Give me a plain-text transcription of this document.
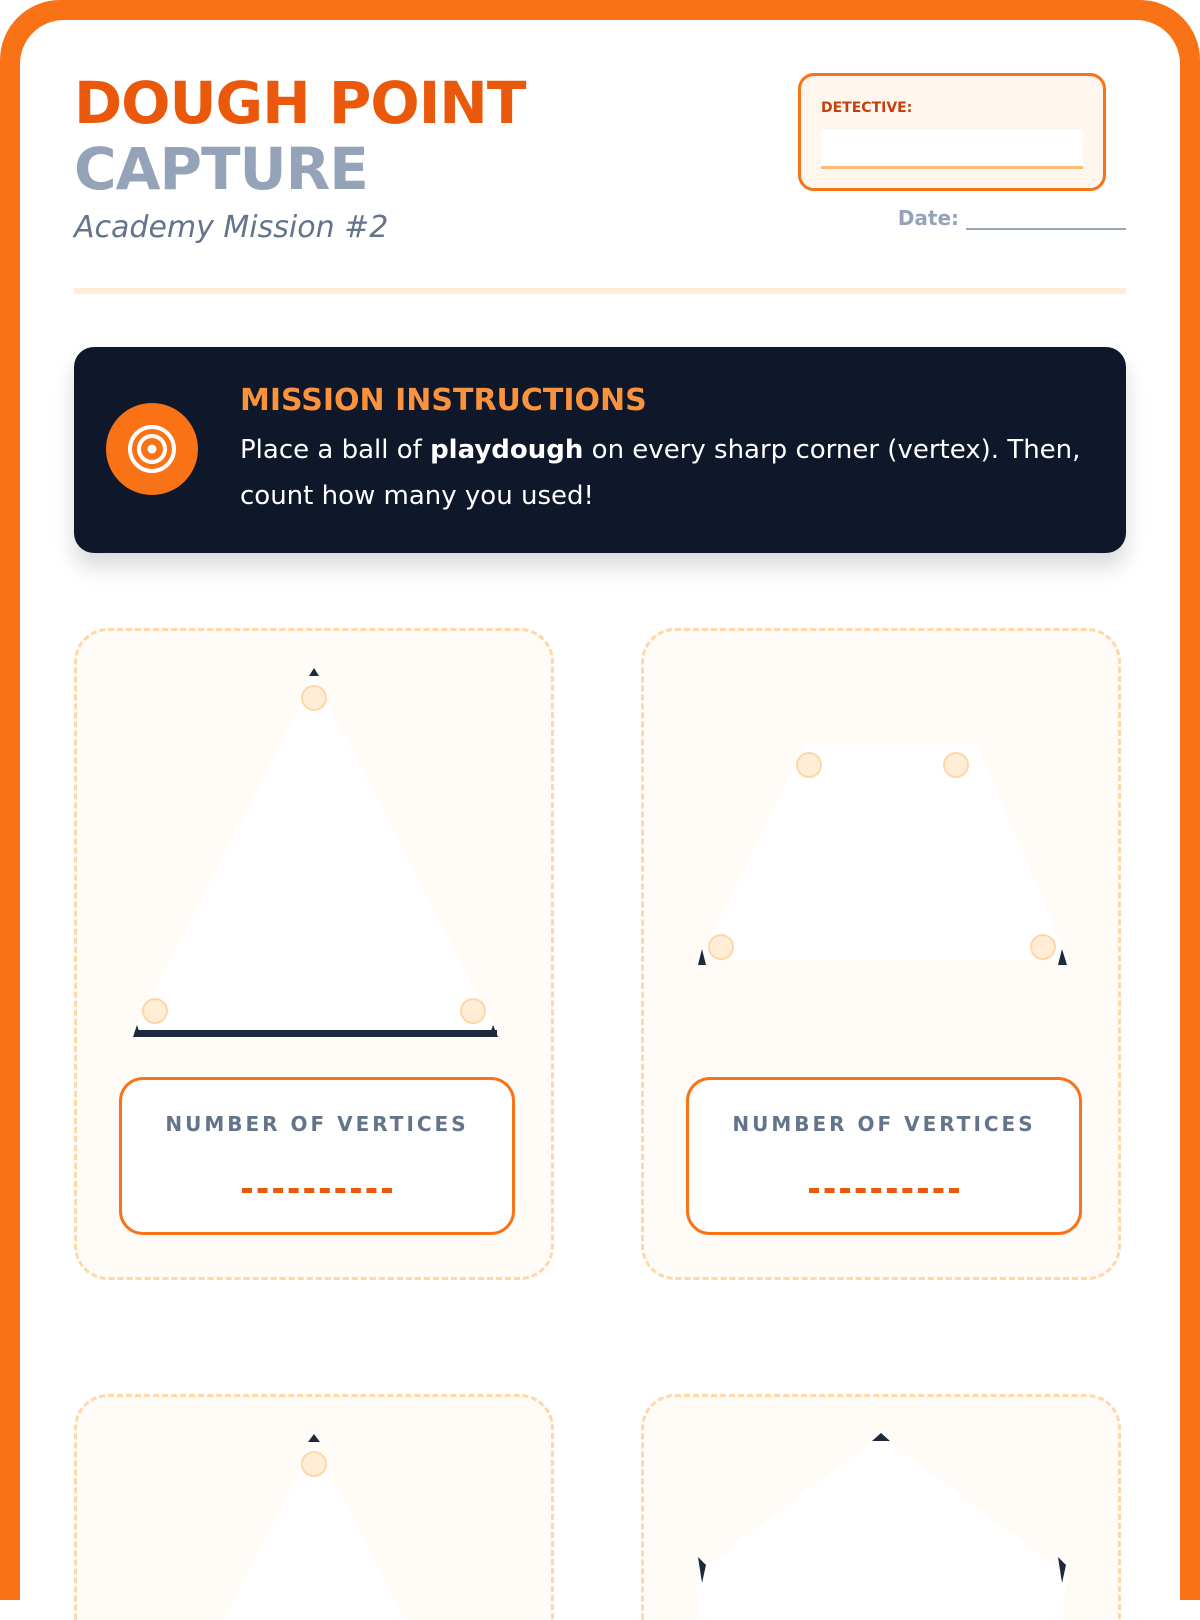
DOUGH POINT
CAPTURE
Academy Mission #2
DETECTIVE:
Date: ________________
MISSION INSTRUCTIONS
Place a ball of playdough on every sharp corner (vertex). Then, count how many you used!
NUMBER OF VERTICES	NUMBER OF VERTICES
